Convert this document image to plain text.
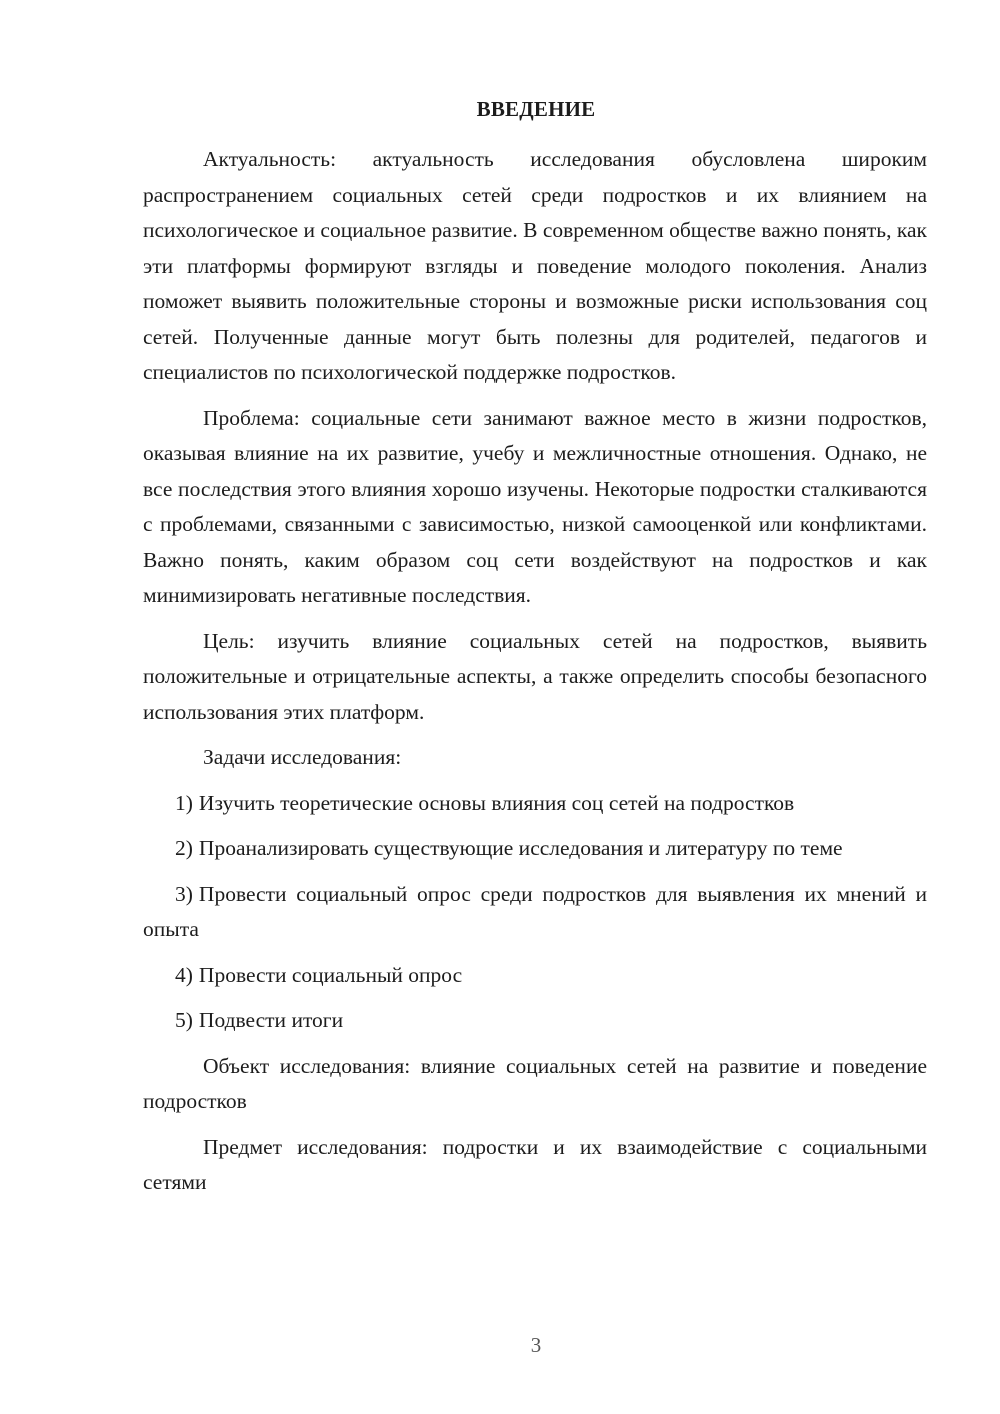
ВВЕДЕНИЕ

Актуальность: актуальность исследования обусловлена широким распространением социальных сетей среди подростков и их влиянием на психологическое и социальное развитие. В современном обществе важно понять, как эти платформы формируют взгляды и поведение молодого поколения. Анализ поможет выявить положительные стороны и возможные риски использования соц сетей. Полученные данные могут быть полезны для родителей, педагогов и специалистов по психологической поддержке подростков.

Проблема: социальные сети занимают важное место в жизни подростков, оказывая влияние на их развитие, учебу и межличностные отношения. Однако, не все последствия этого влияния хорошо изучены. Некоторые подростки сталкиваются с проблемами, связанными с зависимостью, низкой самооценкой или конфликтами. Важно понять, каким образом соц сети воздействуют на подростков и как минимизировать негативные последствия.

Цель: изучить влияние социальных сетей на подростков, выявить положительные и отрицательные аспекты, а также определить способы безопасного использования этих платформ.

Задачи исследования:

1) Изучить теоретические основы влияния соц сетей на подростков

2) Проанализировать существующие исследования и литературу по теме

3) Провести социальный опрос среди подростков для выявления их мнений и опыта

4) Провести социальный опрос

5) Подвести итоги

Объект исследования: влияние социальных сетей на развитие и поведение подростков

Предмет исследования: подростки и их взаимодействие с социальными сетями

3
